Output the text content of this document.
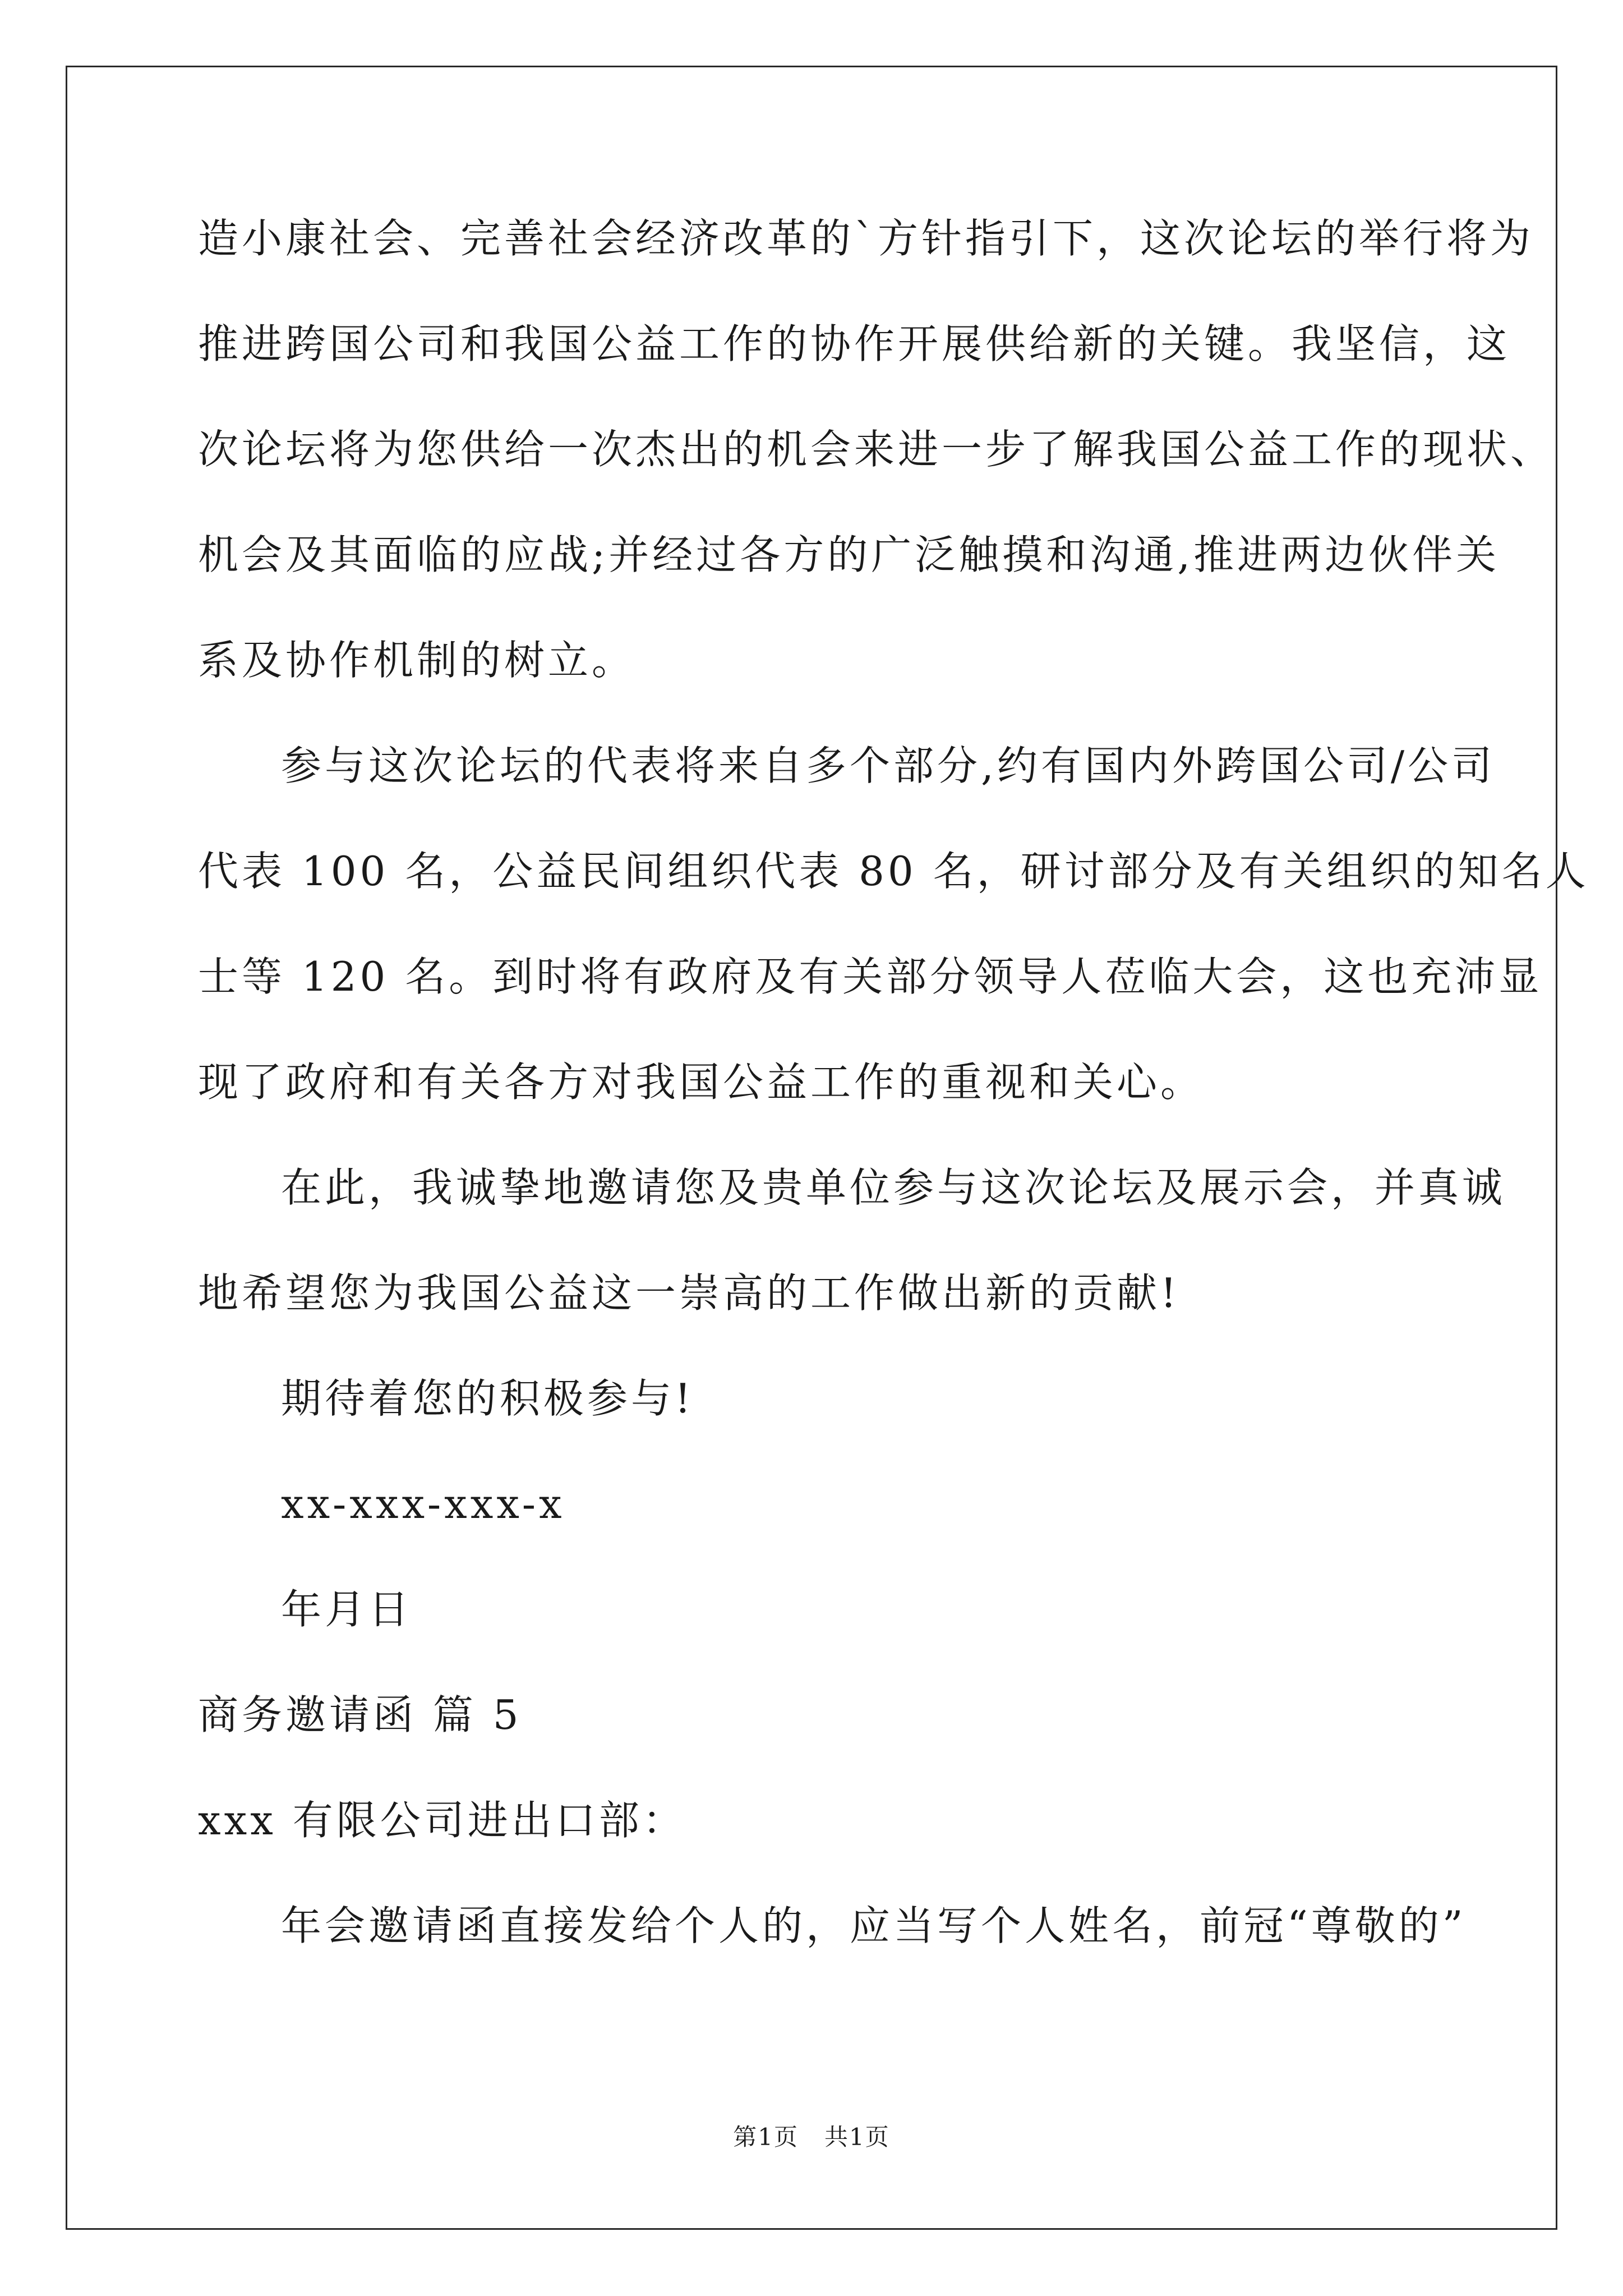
造小康社会、完善社会经济改革的`方针指引下，这次论坛的举行将为
推进跨国公司和我国公益工作的协作开展供给新的关键。我坚信，这
次论坛将为您供给一次杰出的机会来进一步了解我国公益工作的现状、
机会及其面临的应战;并经过各方的广泛触摸和沟通,推进两边伙伴关
系及协作机制的树立。
参与这次论坛的代表将来自多个部分,约有国内外跨国公司/公司
代表 100 名，公益民间组织代表 80 名，研讨部分及有关组织的知名人
士等 120 名。到时将有政府及有关部分领导人莅临大会，这也充沛显
现了政府和有关各方对我国公益工作的重视和关心。
在此，我诚挚地邀请您及贵单位参与这次论坛及展示会，并真诚
地希望您为我国公益这一崇高的工作做出新的贡献!
期待着您的积极参与!
xx-xxx-xxx-x
年月日
商务邀请函 篇 5
xxx 有限公司进出口部：
年会邀请函直接发给个人的，应当写个人姓名，前冠“尊敬的”
第1页   共1页
